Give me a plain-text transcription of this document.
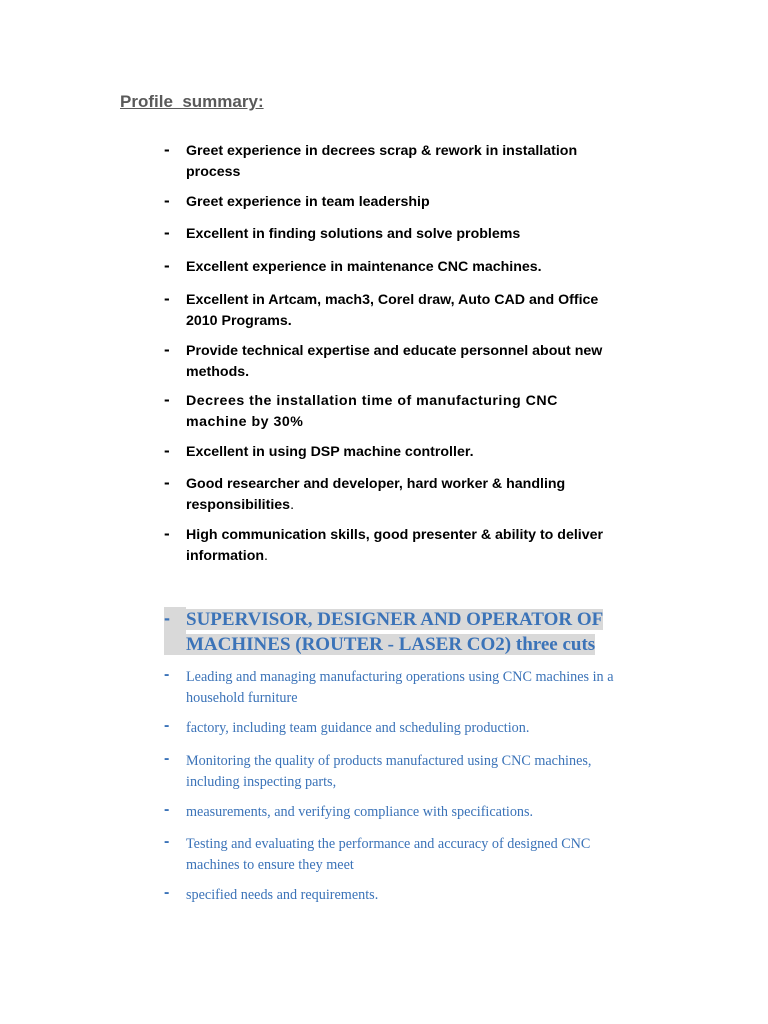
Profile  summary:
-	Greet experience in decrees scrap & rework in installation
process
-	Greet experience in team leadership
-	Excellent in finding solutions and solve problems
-	Excellent experience in maintenance CNC machines.
-	Excellent in Artcam, mach3, Corel draw, Auto CAD and Office
2010 Programs.
-	Provide technical expertise and educate personnel about new
methods.
-	Decrees the installation time of manufacturing CNC
machine by 30%
-	Excellent in using DSP machine controller.
-	Good researcher and developer, hard worker & handling
responsibilities.
-	High communication skills, good presenter & ability to deliver
information.
- SUPERVISOR, DESIGNER AND OPERATOR OF
MACHINES (ROUTER - LASER CO2) three cuts
-	Leading and managing manufacturing operations using CNC machines in a
household furniture
-	factory, including team guidance and scheduling production.
-	Monitoring the quality of products manufactured using CNC machines,
including inspecting parts,
-	measurements, and verifying compliance with specifications.
-	Testing and evaluating the performance and accuracy of designed CNC
machines to ensure they meet
-	specified needs and requirements.
